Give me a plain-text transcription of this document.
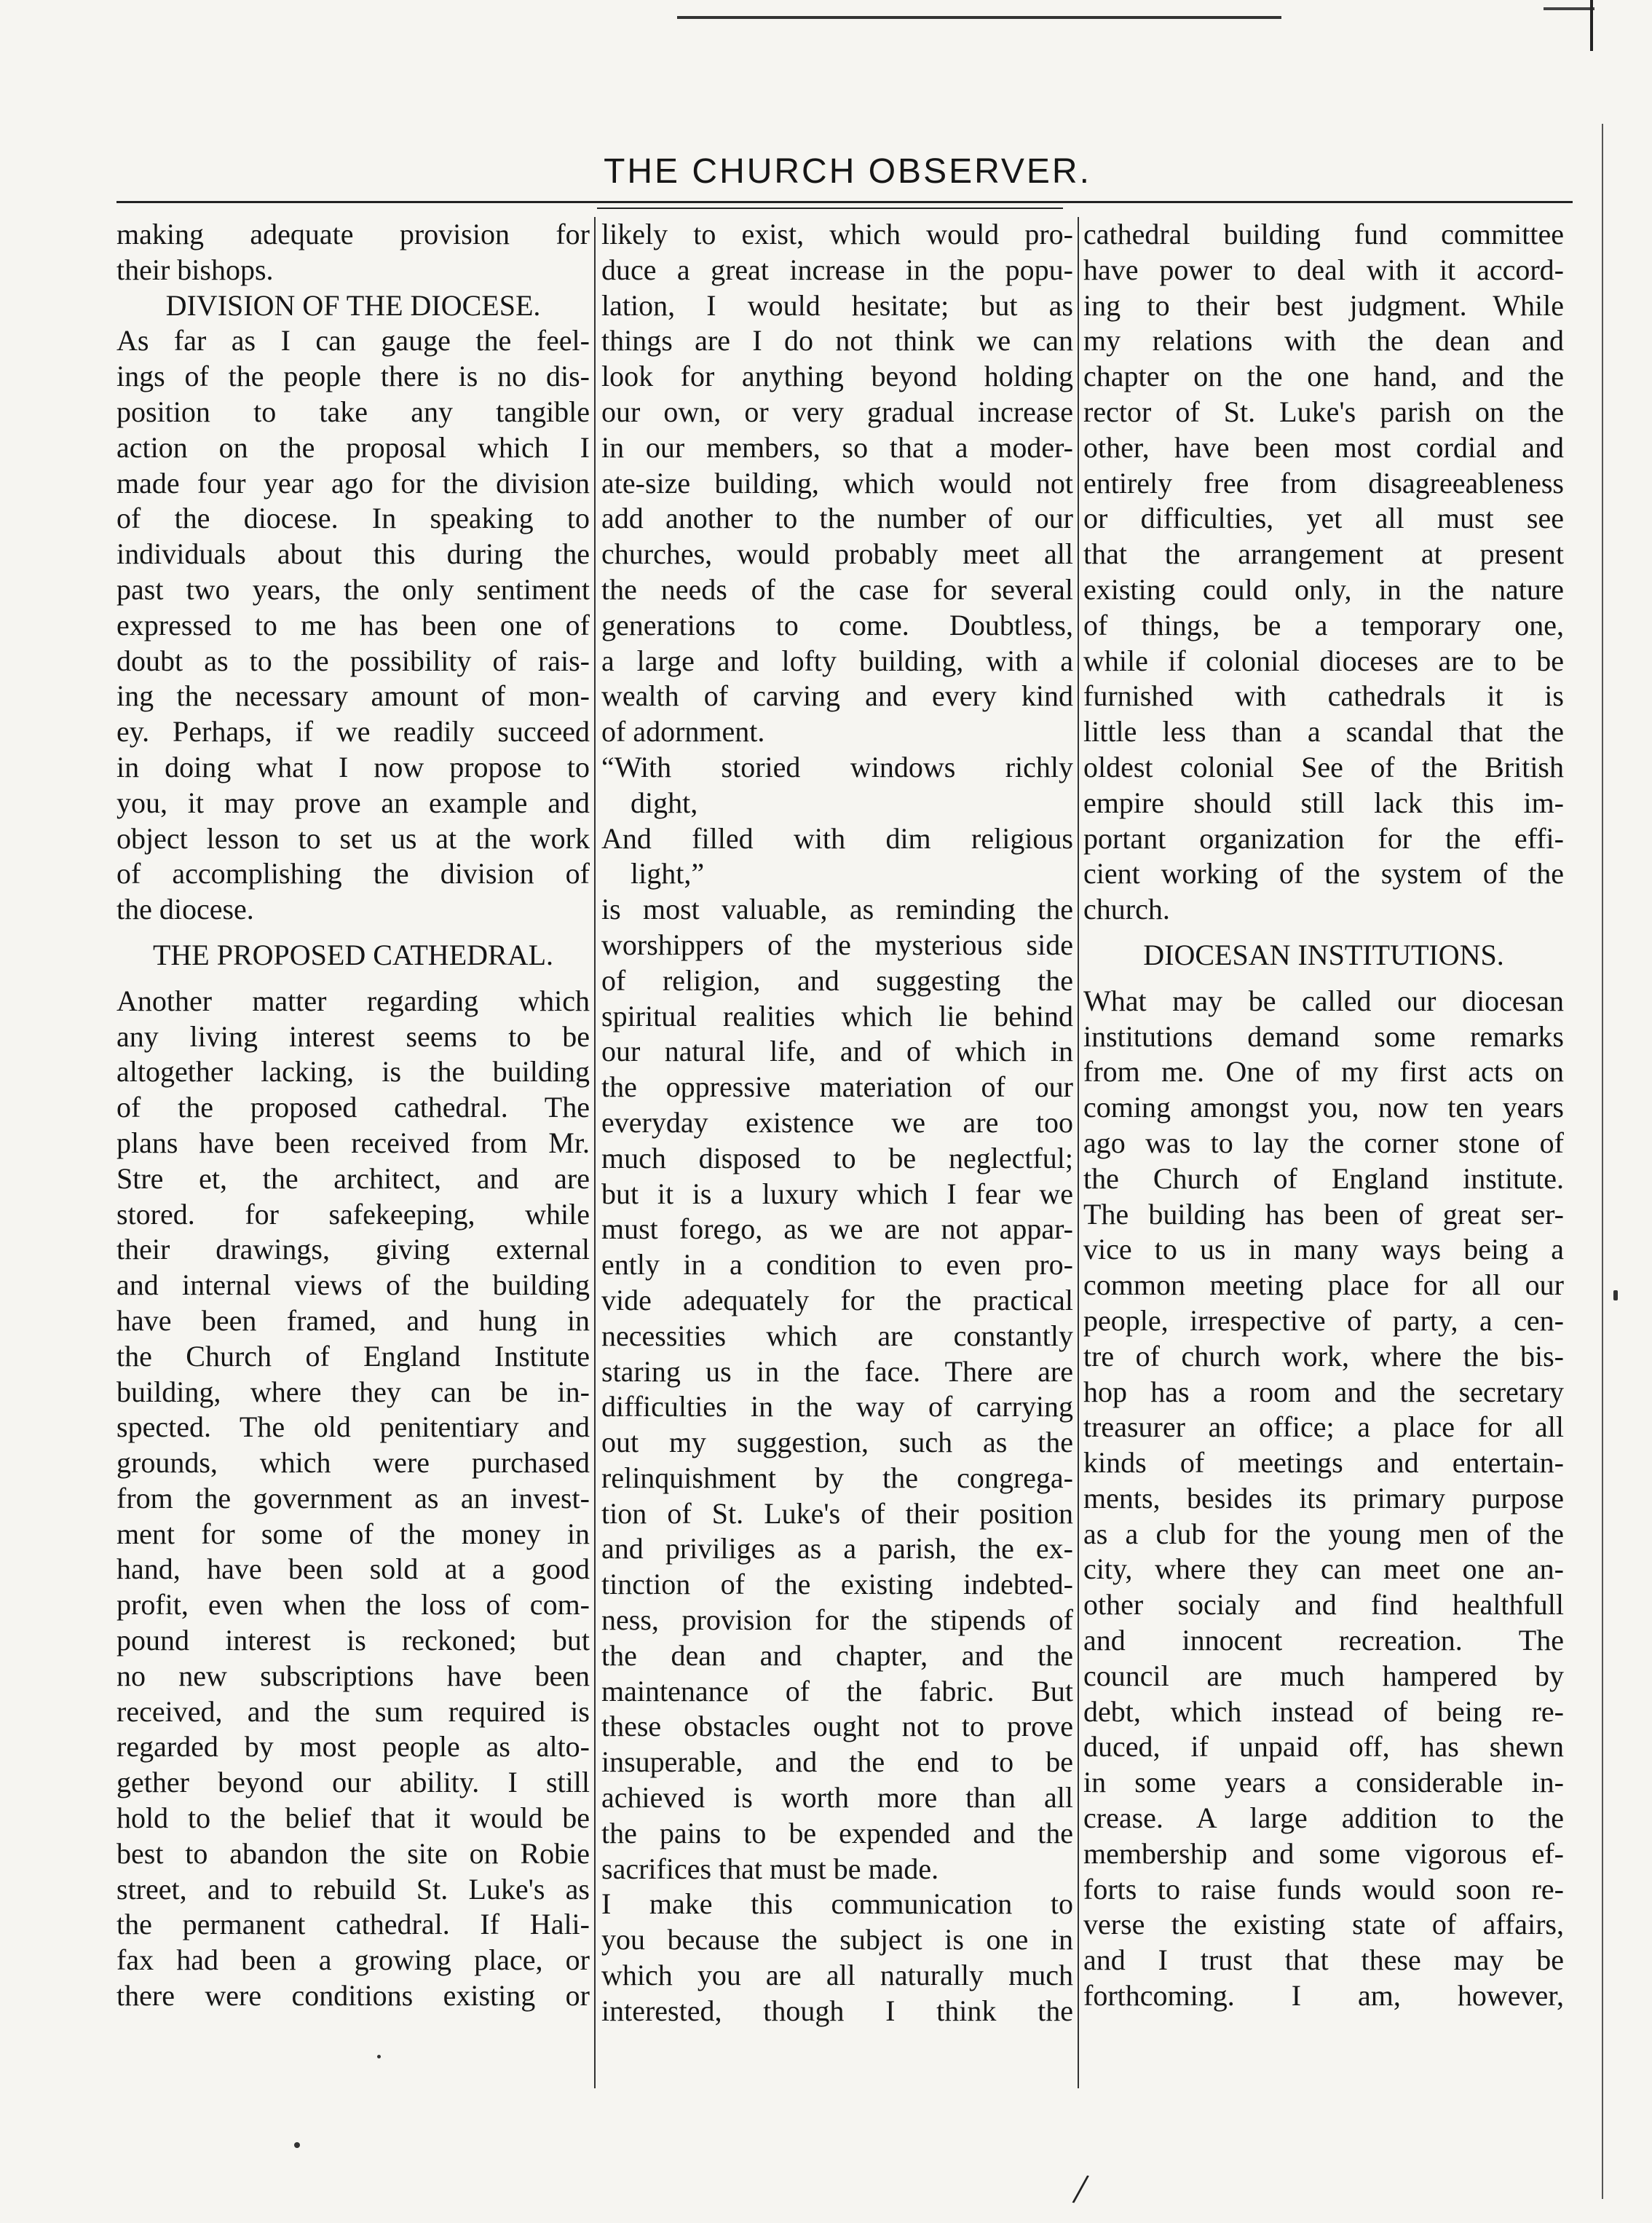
THE CHURCH OBSERVER.

making adequate provision for

their bishops.

DIVISION OF THE DIOCESE.

As far as I can gauge the feel-

ings of the people there is no dis-

position to take any tangible

action on the proposal which I

made four year ago for the division

of the diocese. In speaking to

individuals about this during the

past two years, the only sentiment

expressed to me has been one of

doubt as to the possibility of rais-

ing the necessary amount of mon-

ey. Perhaps, if we readily succeed

in doing what I now propose to

you, it may prove an example and

object lesson to set us at the work

of accomplishing the division of

the diocese.

THE PROPOSED CATHEDRAL.

Another matter regarding which

any living interest seems to be

altogether lacking, is the building

of the proposed cathedral. The

plans have been received from Mr.

Stre et, the architect, and are

stored. for safekeeping, while

their drawings, giving external

and internal views of the building

have been framed, and hung in

the Church of England Institute

building, where they can be in-

spected. The old penitentiary and

grounds, which were purchased

from the government as an invest-

ment for some of the money in

hand, have been sold at a good

profit, even when the loss of com-

pound interest is reckoned; but

no new subscriptions have been

received, and the sum required is

regarded by most people as alto-

gether beyond our ability. I still

hold to the belief that it would be

best to abandon the site on Robie

street, and to rebuild St. Luke's as

the permanent cathedral. If Hali-

fax had been a growing place, or

there were conditions existing or

likely to exist, which would pro-

duce a great increase in the popu-

lation, I would hesitate; but as

things are I do not think we can

look for anything beyond holding

our own, or very gradual increase

in our members, so that a moder-

ate-size building, which would not

add another to the number of our

churches, would probably meet all

the needs of the case for several

generations to come. Doubtless,

a large and lofty building, with a

wealth of carving and every kind

of adornment.

“With storied windows richly

dight,

And filled with dim religious

light,”

is most valuable, as reminding the

worshippers of the mysterious side

of religion, and suggesting the

spiritual realities which lie behind

our natural life, and of which in

the oppressive materiation of our

everyday existence we are too

much disposed to be neglectful;

but it is a luxury which I fear we

must forego, as we are not appar-

ently in a condition to even pro-

vide adequately for the practical

necessities which are constantly

staring us in the face. There are

difficulties in the way of carrying

out my suggestion, such as the

relinquishment by the congrega-

tion of St. Luke's of their position

and priviliges as a parish, the ex-

tinction of the existing indebted-

ness, provision for the stipends of

the dean and chapter, and the

maintenance of the fabric. But

these obstacles ought not to prove

insuperable, and the end to be

achieved is worth more than all

the pains to be expended and the

sacrifices that must be made.

I make this communication to

you because the subject is one in

which you are all naturally much

interested, though I think the

cathedral building fund committee

have power to deal with it accord-

ing to their best judgment. While

my relations with the dean and

chapter on the one hand, and the

rector of St. Luke's parish on the

other, have been most cordial and

entirely free from disagreeableness

or difficulties, yet all must see

that the arrangement at present

existing could only, in the nature

of things, be a temporary one,

while if colonial dioceses are to be

furnished with cathedrals it is

little less than a scandal that the

oldest colonial See of the British

empire should still lack this im-

portant organization for the effi-

cient working of the system of the

church.

DIOCESAN INSTITUTIONS.

What may be called our diocesan

institutions demand some remarks

from me. One of my first acts on

coming amongst you, now ten years

ago was to lay the corner stone of

the Church of England institute.

The building has been of great ser-

vice to us in many ways being a

common meeting place for all our

people, irrespective of party, a cen-

tre of church work, where the bis-

hop has a room and the secretary

treasurer an office; a place for all

kinds of meetings and entertain-

ments, besides its primary purpose

as a club for the young men of the

city, where they can meet one an-

other socialy and find healthfull

and innocent recreation. The

council are much hampered by

debt, which instead of being re-

duced, if unpaid off, has shewn

in some years a considerable in-

crease. A large addition to the

membership and some vigorous ef-

forts to raise funds would soon re-

verse the existing state of affairs,

and I trust that these may be

forthcoming. I am, however,

/
